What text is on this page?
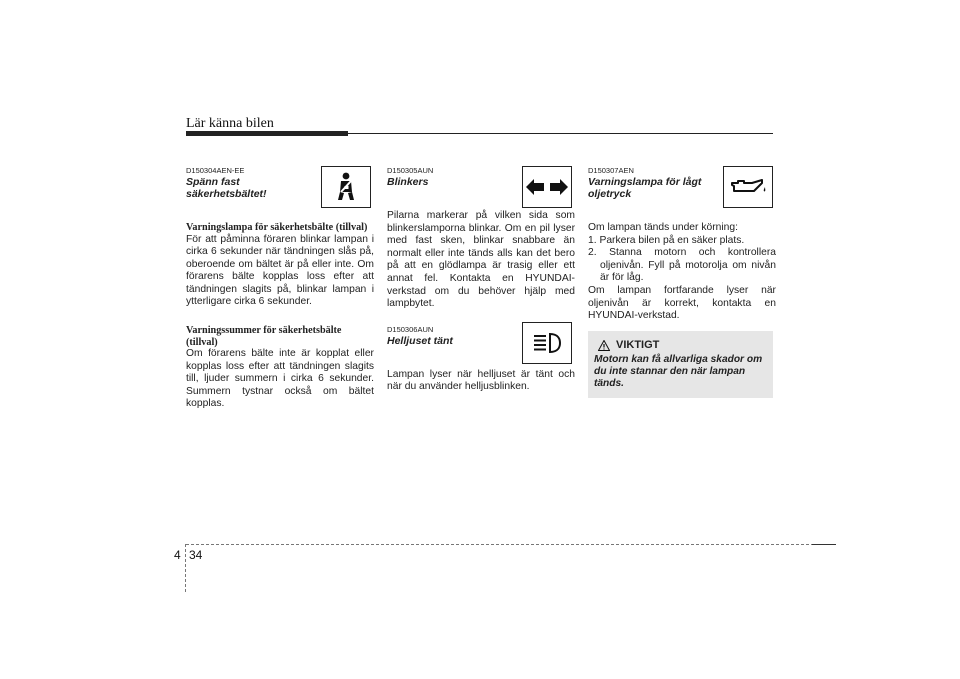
Lär känna bilen
D150304AEN-EE
Spänn fast säkerhetsbältet!
Varningslampa för säkerhetsbälte (tillval)
För att påminna föraren blinkar lampan i cirka 6 sekunder när tändningen slås på, oberoende om bältet är på eller inte. Om förarens bälte kopplas loss efter att tändningen slagits på, blinkar lampan i ytterligare cirka 6 sekunder.
Varningssummer för säkerhetsbälte (tillval)
Om förarens bälte inte är kopplat eller kopplas loss efter att tändningen slagits till, ljuder summern i cirka 6 sekunder. Summern tystnar också om bältet kopplas.
D150305AUN
Blinkers
Pilarna markerar på vilken sida som blinkerslamporna blinkar. Om en pil lyser med fast sken, blinkar snabbare än normalt eller inte tänds alls kan det bero på att en glödlampa är trasig eller ett annat fel. Kontakta en HYUNDAI-verkstad om du behöver hjälp med lampbytet.
D150306AUN
Helljuset tänt
Lampan lyser när helljuset är tänt och när du använder helljusblinken.
D150307AEN
Varningslampa för lågt oljetryck
Om lampan tänds under körning:
1. Parkera bilen på en säker plats.
2. Stanna motorn och kontrollera oljenivån. Fyll på motorolja om nivån är för låg.
Om lampan fortfarande lyser när oljenivån är korrekt, kontakta en HYUNDAI-verkstad.
VIKTIGT
Motorn kan få allvarliga skador om du inte stannar den när lampan tänds.
4 34
